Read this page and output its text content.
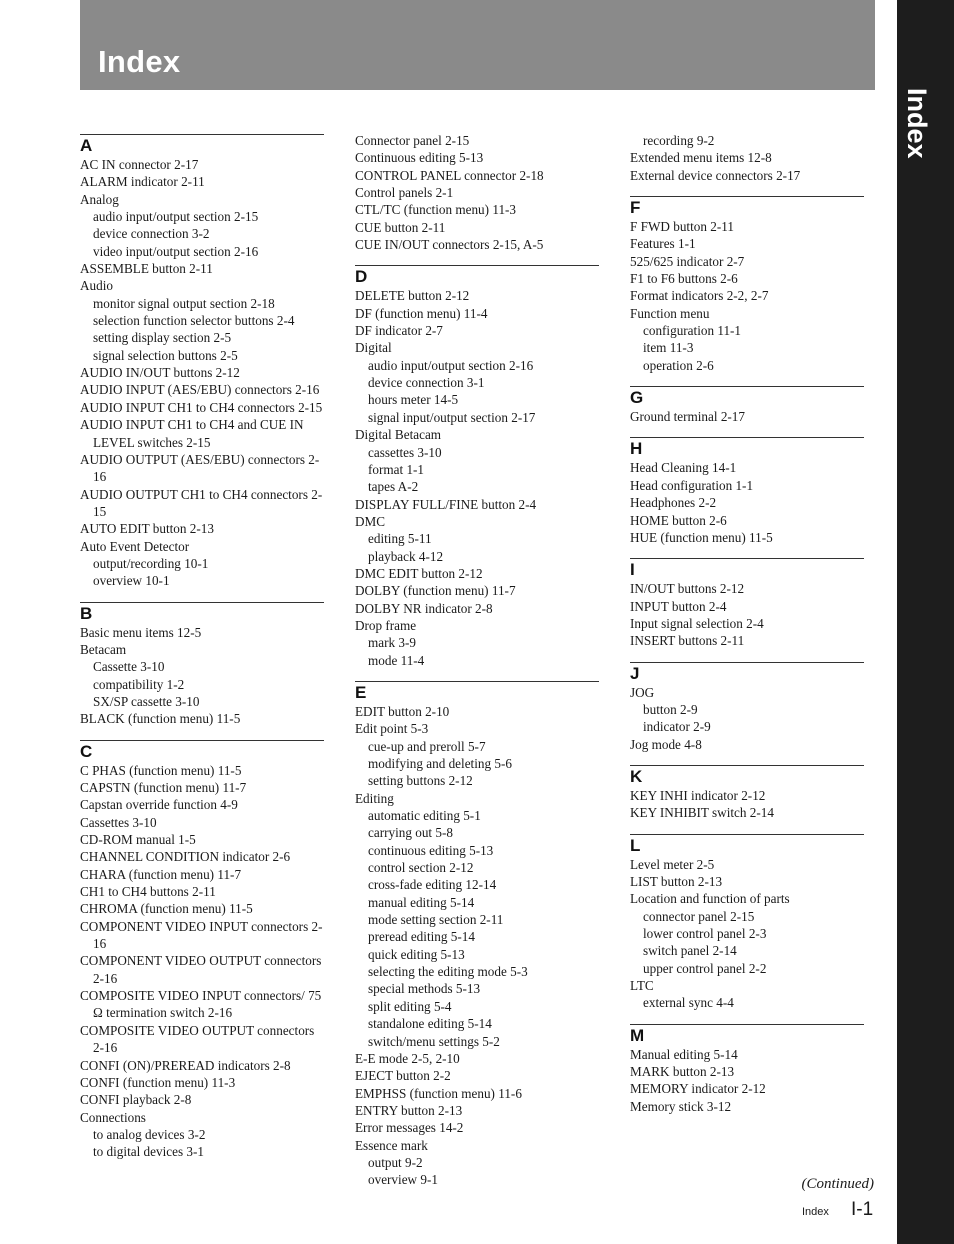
Index
Index
A
AC IN connector 2-17
ALARM indicator 2-11
Analog
audio input/output section 2-15
device connection 3-2
video input/output section 2-16
ASSEMBLE button 2-11
Audio
monitor signal output section 2-18
selection function selector buttons 2-4
setting display section 2-5
signal selection buttons 2-5
AUDIO IN/OUT buttons 2-12
AUDIO INPUT (AES/EBU) connectors 2-16
AUDIO INPUT CH1 to CH4 connectors 2-15
AUDIO INPUT CH1 to CH4 and CUE IN LEVEL switches 2-15
AUDIO OUTPUT (AES/EBU) connectors 2-16
AUDIO OUTPUT CH1 to CH4 connectors 2-15
AUTO EDIT button 2-13
Auto Event Detector
output/recording 10-1
overview 10-1
B
Basic menu items 12-5
Betacam
Cassette 3-10
compatibility 1-2
SX/SP cassette 3-10
BLACK (function menu) 11-5
C
C PHAS (function menu) 11-5
CAPSTN (function menu) 11-7
Capstan override function 4-9
Cassettes 3-10
CD-ROM manual 1-5
CHANNEL CONDITION indicator 2-6
CHARA (function menu) 11-7
CH1 to CH4 buttons 2-11
CHROMA (function menu) 11-5
COMPONENT VIDEO INPUT connectors 2-16
COMPONENT VIDEO OUTPUT connectors 2-16
COMPOSITE VIDEO INPUT connectors/ 75 Ω termination switch 2-16
COMPOSITE VIDEO OUTPUT connectors 2-16
CONFI (ON)/PREREAD indicators 2-8
CONFI (function menu) 11-3
CONFI playback 2-8
Connections
to analog devices 3-2
to digital devices 3-1
Connector panel 2-15
Continuous editing 5-13
CONTROL PANEL connector 2-18
Control panels 2-1
CTL/TC (function menu) 11-3
CUE button 2-11
CUE IN/OUT connectors 2-15, A-5
D
DELETE button 2-12
DF (function menu) 11-4
DF indicator 2-7
Digital
audio input/output section 2-16
device connection 3-1
hours meter 14-5
signal input/output section 2-17
Digital Betacam
cassettes 3-10
format 1-1
tapes A-2
DISPLAY FULL/FINE button 2-4
DMC
editing 5-11
playback 4-12
DMC EDIT button 2-12
DOLBY (function menu) 11-7
DOLBY NR indicator 2-8
Drop frame
mark 3-9
mode 11-4
E
EDIT button 2-10
Edit point 5-3
cue-up and preroll 5-7
modifying and deleting 5-6
setting buttons 2-12
Editing
automatic editing 5-1
carrying out 5-8
continuous editing 5-13
control section 2-12
cross-fade editing 12-14
manual editing 5-14
mode setting section 2-11
preread editing 5-14
quick editing 5-13
selecting the editing mode 5-3
special methods 5-13
split editing 5-4
standalone editing 5-14
switch/menu settings 5-2
E-E mode 2-5, 2-10
EJECT button 2-2
EMPHSS (function menu) 11-6
ENTRY button 2-13
Error messages 14-2
Essence mark
output 9-2
overview 9-1
recording 9-2
Extended menu items 12-8
External device connectors 2-17
F
F FWD button 2-11
Features 1-1
525/625 indicator 2-7
F1 to F6 buttons 2-6
Format indicators 2-2, 2-7
Function menu
configuration 11-1
item 11-3
operation 2-6
G
Ground terminal 2-17
H
Head Cleaning 14-1
Head configuration 1-1
Headphones 2-2
HOME button 2-6
HUE (function menu) 11-5
I
IN/OUT buttons 2-12
INPUT button 2-4
Input signal selection 2-4
INSERT buttons 2-11
J
JOG
button 2-9
indicator 2-9
Jog mode 4-8
K
KEY INHI indicator 2-12
KEY INHIBIT switch 2-14
L
Level meter 2-5
LIST button 2-13
Location and function of parts
connector panel 2-15
lower control panel 2-3
switch panel 2-14
upper control panel 2-2
LTC
external sync 4-4
M
Manual editing 5-14
MARK button 2-13
MEMORY indicator 2-12
Memory stick 3-12
(Continued)
Index I-1
